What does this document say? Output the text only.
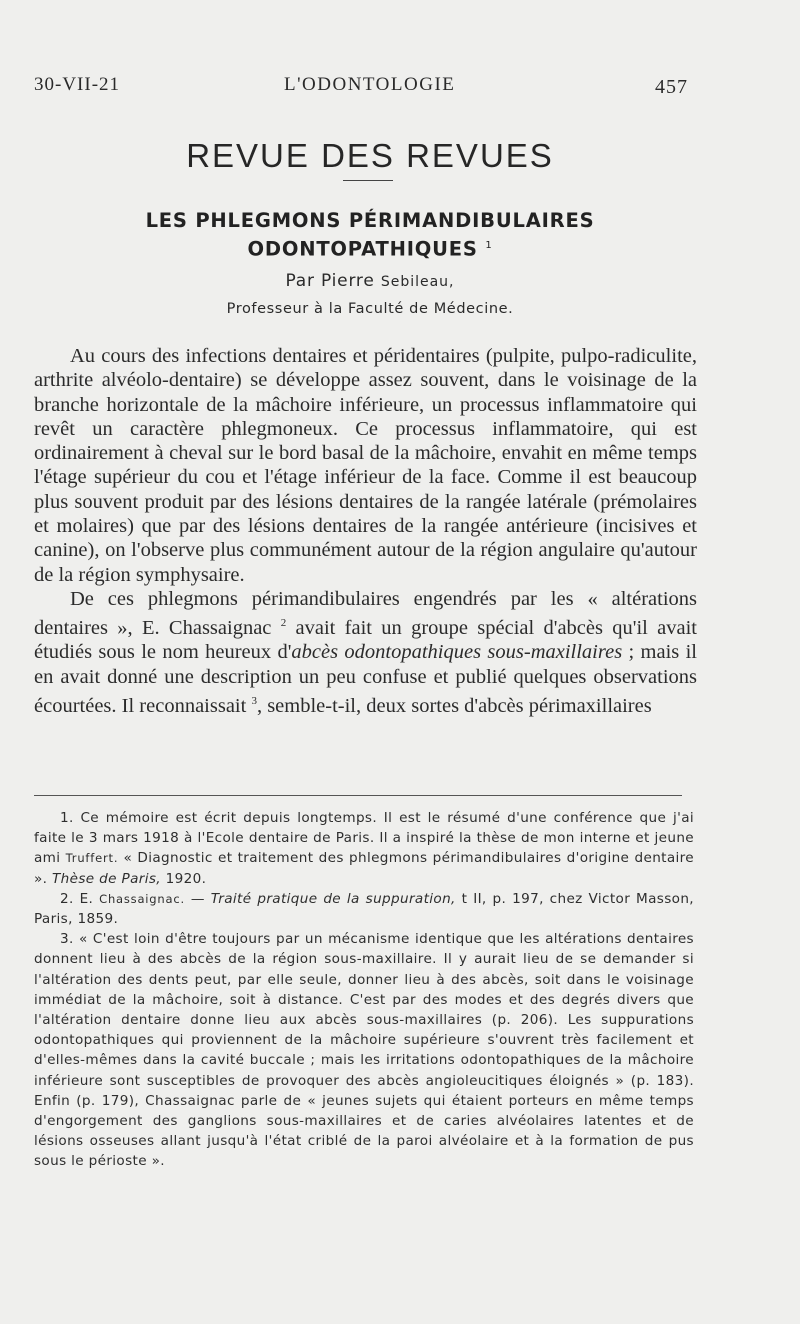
30-VII-21	L'ODONTOLOGIE	457
REVUE DES REVUES
LES PHLEGMONS PÉRIMANDIBULAIRES
ODONTOPATHIQUES $^1$
Par Pierre Sebileau,
Professeur à la Faculté de Médecine.

Au cours des infections dentaires et péridentaires (pulpite, pulpo-radiculite, arthrite alvéolo-dentaire) se développe assez souvent, dans le voisinage de la branche horizontale de la mâchoire inférieure, un processus inflammatoire qui revêt un caractère phlegmoneux. Ce processus inflammatoire, qui est ordinairement à cheval sur le bord basal de la mâchoire, envahit en même temps l'étage supérieur du cou et l'étage inférieur de la face. Comme il est beaucoup plus souvent produit par des lésions dentaires de la rangée latérale (prémolaires et molaires) que par des lésions dentaires de la rangée antérieure (incisives et canine), on l'observe plus communément autour de la région angulaire qu'autour de la région symphysaire.

De ces phlegmons périmandibulaires engendrés par les « altérations dentaires », E. Chassaignac $^2$ avait fait un groupe spécial d'abcès qu'il avait étudiés sous le nom heureux d'abcès odontopathiques sous-maxillaires ; mais il en avait donné une description un peu confuse et publié quelques observations écourtées. Il reconnaissait $^3$, semble-t-il, deux sortes d'abcès périmaxillaires

1. Ce mémoire est écrit depuis longtemps. Il est le résumé d'une conférence que j'ai faite le 3 mars 1918 à l'Ecole dentaire de Paris. Il a inspiré la thèse de mon interne et jeune ami Truffert. « Diagnostic et traitement des phlegmons périmandibulaires d'origine dentaire ». Thèse de Paris, 1920.

2. E. Chassaignac. — Traité pratique de la suppuration, t II, p. 197, chez Victor Masson, Paris, 1859.

3. « C'est loin d'être toujours par un mécanisme identique que les altérations dentaires donnent lieu à des abcès de la région sous-maxillaire. Il y aurait lieu de se demander si l'altération des dents peut, par elle seule, donner lieu à des abcès, soit dans le voisinage immédiat de la mâchoire, soit à distance. C'est par des modes et des degrés divers que l'altération dentaire donne lieu aux abcès sous-maxillaires (p. 206). Les suppurations odontopathiques qui proviennent de la mâchoire supérieure s'ouvrent très facilement et d'elles-mêmes dans la cavité buccale ; mais les irritations odontopathiques de la mâchoire inférieure sont susceptibles de provoquer des abcès angioleucitiques éloignés » (p. 183). Enfin (p. 179), Chassaignac parle de « jeunes sujets qui étaient porteurs en même temps d'engorgement des ganglions sous-maxillaires et de caries alvéolaires latentes et de lésions osseuses allant jusqu'à l'état criblé de la paroi alvéolaire et à la formation de pus sous le périoste ».
